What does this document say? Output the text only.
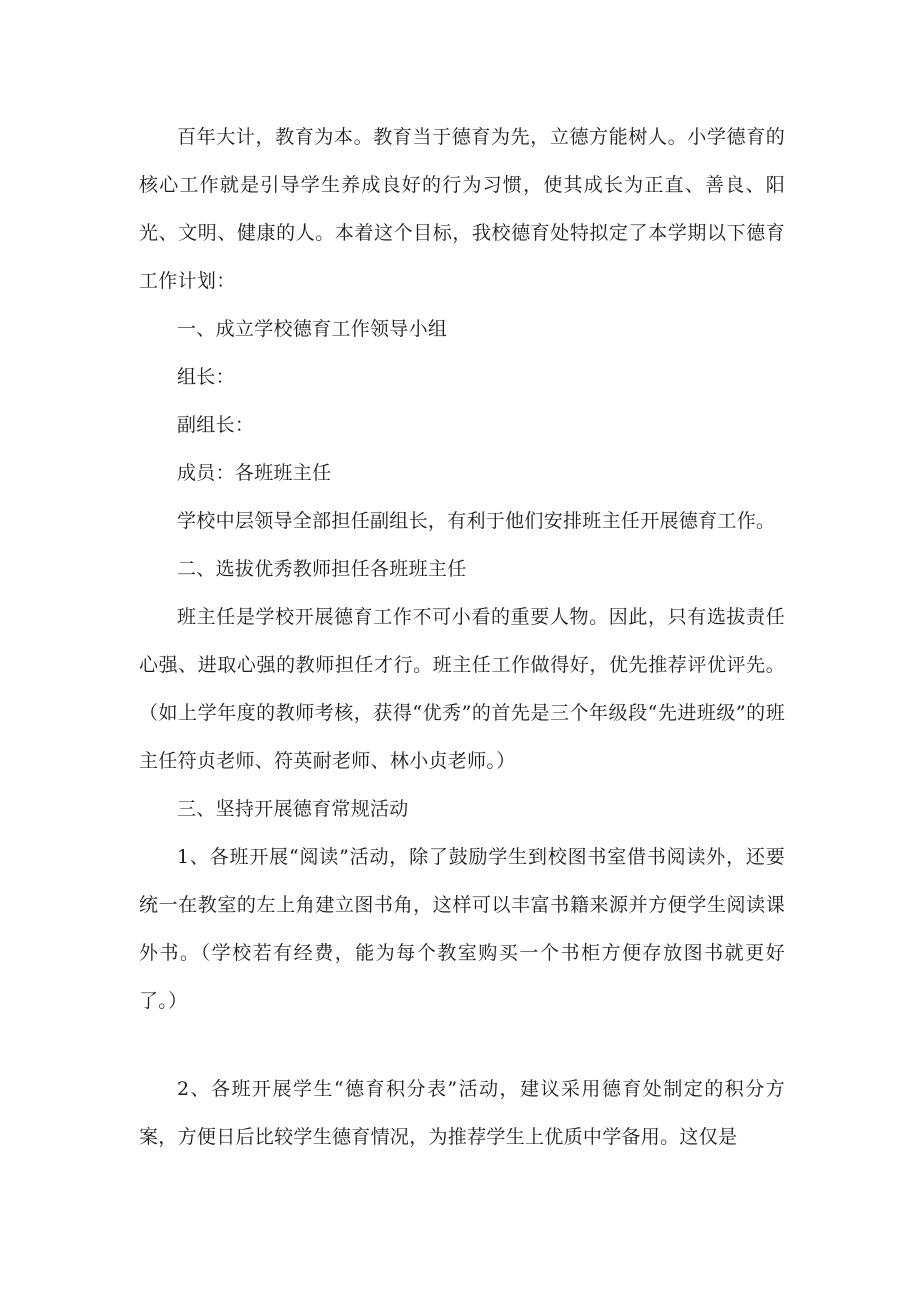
百年大计，教育为本。教育当于德育为先，立德方能树人。小学德育的核心工作就是引导学生养成良好的行为习惯，使其成长为正直、善良、阳光、文明、健康的人。本着这个目标，我校德育处特拟定了本学期以下德育工作计划：

一、成立学校德育工作领导小组

组长：

副组长：

成员：各班班主任

学校中层领导全部担任副组长，有利于他们安排班主任开展德育工作。

二、选拔优秀教师担任各班班主任

班主任是学校开展德育工作不可小看的重要人物。因此，只有选拔责任心强、进取心强的教师担任才行。班主任工作做得好，优先推荐评优评先。（如上学年度的教师考核，获得“优秀”的首先是三个年级段“先进班级”的班主任符贞老师、符英耐老师、林小贞老师。）

三、坚持开展德育常规活动

1、各班开展“阅读”活动，除了鼓励学生到校图书室借书阅读外，还要统一在教室的左上角建立图书角，这样可以丰富书籍来源并方便学生阅读课外书。（学校若有经费，能为每个教室购买一个书柜方便存放图书就更好了。）

2、各班开展学生“德育积分表”活动，建议采用德育处制定的积分方案，方便日后比较学生德育情况，为推荐学生上优质中学备用。这仅是
